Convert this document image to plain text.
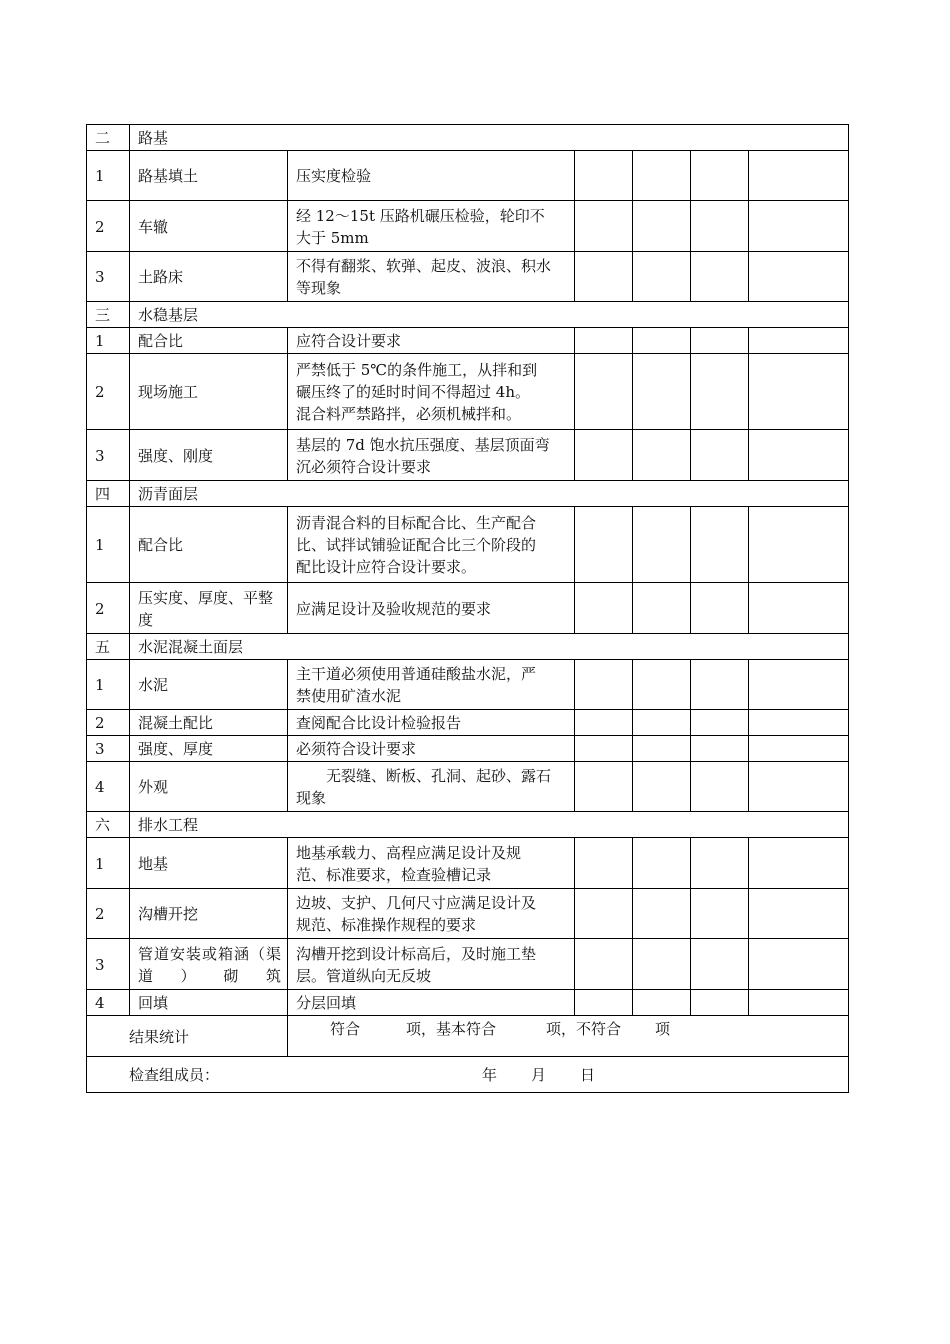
二	路基					
1	路基填土	压实度检验				
2	车辙	经 12～15t 压路机碾压检验，轮印不
大于 5mm				
3	土路床	不得有翻浆、软弹、起皮、波浪、积水
等现象				
三	水稳基层					
1	配合比	应符合设计要求				
2	现场施工	严禁低于 5℃的条件施工，从拌和到
碾压终了的延时时间不得超过 4h。
混合料严禁路拌，必须机械拌和。				
3	强度、刚度	基层的 7d 饱水抗压强度、基层顶面弯
沉必须符合设计要求				
四	沥青面层					
1	配合比	沥青混合料的目标配合比、生产配合
比、试拌试铺验证配合比三个阶段的
配比设计应符合设计要求。				
2	压实度、厚度、平整度	应满足设计及验收规范的要求				
五	水泥混凝土面层					
1	水泥	主干道必须使用普通硅酸盐水泥，严
禁使用矿渣水泥				
2	混凝土配比	查阅配合比设计检验报告				
3	强度、厚度	必须符合设计要求				
4	外观	　　无裂缝、断板、孔洞、起砂、露石
现象				
六	排水工程					
1	地基	地基承载力、高程应满足设计及规
范、标准要求，检查验槽记录				
2	沟槽开挖	边坡、支护、几何尺寸应满足设计及
规范、标准操作规程的要求				
3	管道安装或箱涵（渠道）砌筑	沟槽开挖到设计标高后，及时施工垫
层。管道纵向无反坡				
4	回填	分层回填				
结果统计		符合 项，基本符合 项，不符合 项				
检查组成员： 年 月 日						
